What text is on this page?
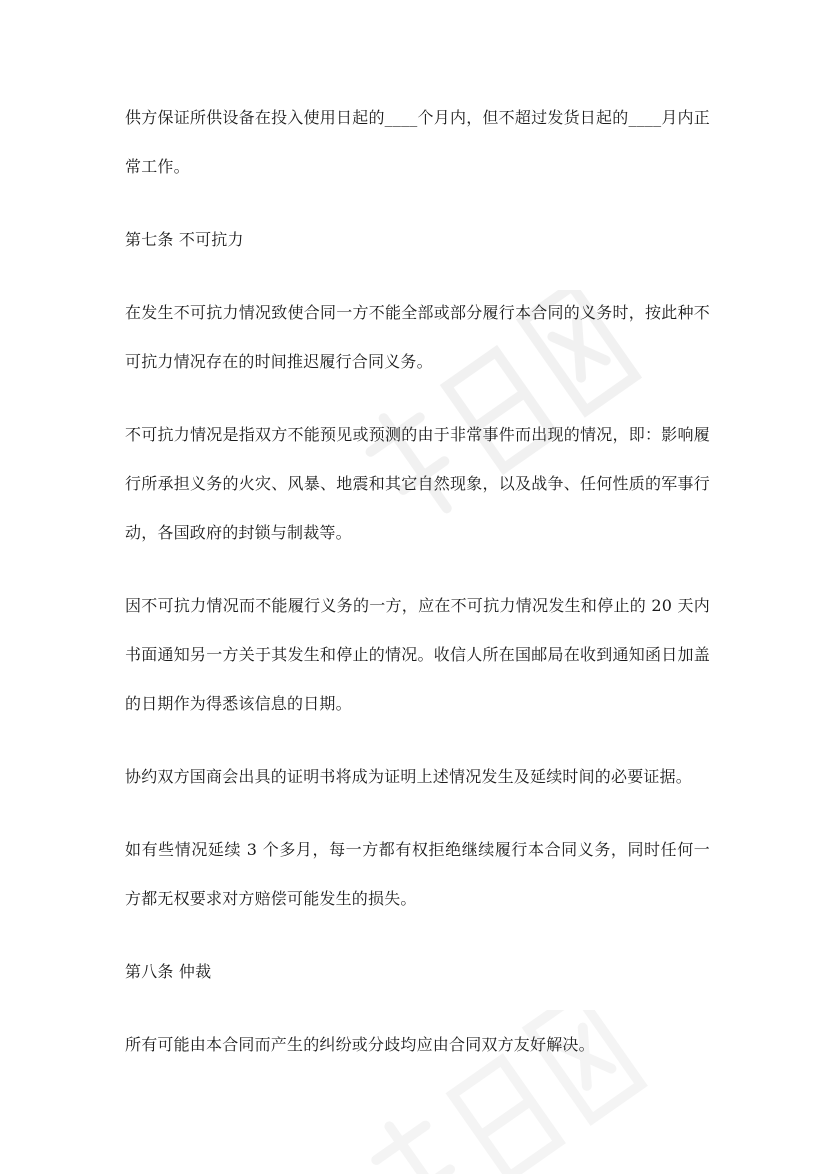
供方保证所供设备在投入使用日起的____个月内，但不超过发货日起的____月内正常工作。

第七条 不可抗力

在发生不可抗力情况致使合同一方不能全部或部分履行本合同的义务时，按此种不可抗力情况存在的时间推迟履行合同义务。

不可抗力情况是指双方不能预见或预测的由于非常事件而出现的情况，即：影响履行所承担义务的火灾、风暴、地震和其它自然现象，以及战争、任何性质的军事行动，各国政府的封锁与制裁等。

因不可抗力情况而不能履行义务的一方，应在不可抗力情况发生和停止的 20 天内书面通知另一方关于其发生和停止的情况。收信人所在国邮局在收到通知函日加盖的日期作为得悉该信息的日期。

协约双方国商会出具的证明书将成为证明上述情况发生及延续时间的必要证据。

如有些情况延续 3 个多月，每一方都有权拒绝继续履行本合同义务，同时任何一方都无权要求对方赔偿可能发生的损失。

第八条 仲裁

所有可能由本合同而产生的纠纷或分歧均应由合同双方友好解决。
